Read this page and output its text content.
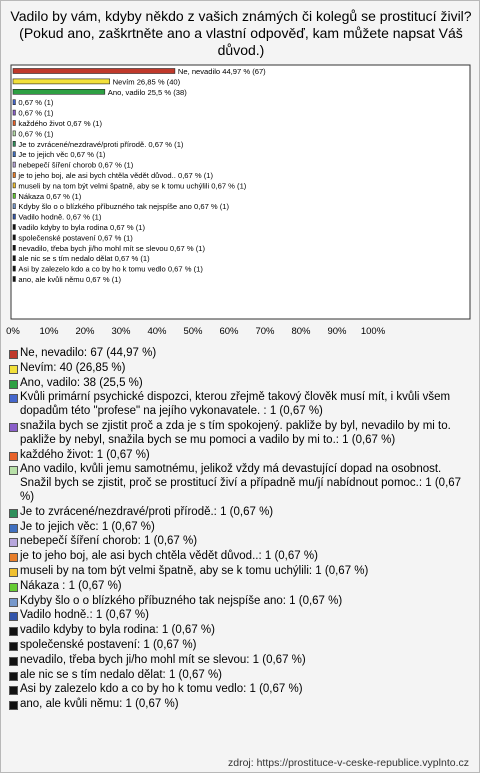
Vadilo by vám, kdyby někdo z vašich známých či kolegů se prostitucí živil? (Pokud ano, zaškrtněte ano a vlastní odpověď, kam můžete napsat Váš důvod.)
Ne, nevadilo 44,97 % (67)
Nevím 26,85 % (40)
Ano, vadilo 25,5 % (38)
0,67 % (1)
0,67 % (1)
každého život 0,67 % (1)
0,67 % (1)
Je to zvrácené/nezdravé/proti přírodě. 0,67 % (1)
Je to jejich věc 0,67 % (1)
nebepečí šíření chorob 0,67 % (1)
je to jeho boj, ale asi bych chtěla vědět důvod.. 0,67 % (1)
museli by na tom být velmi špatně, aby se k tomu uchýlili 0,67 % (1)
Nákaza 0,67 % (1)
Kdyby šlo o o blízkého příbuzného tak nejspíše ano 0,67 % (1)
Vadilo hodně. 0,67 % (1)
vadilo kdyby to byla rodina 0,67 % (1)
společenské postavení 0,67 % (1)
nevadilo, třeba bych ji/ho mohl mít se slevou 0,67 % (1)
ale nic se s tím nedalo dělat 0,67 % (1)
Asi by zalezelo kdo a co by ho k tomu vedlo 0,67 % (1)
ano, ale kvůli němu 0,67 % (1)
0% 10% 20% 30% 40% 50% 60% 70% 80% 90% 100%
Ne, nevadilo: 67 (44,97 %)
Nevím: 40 (26,85 %)
Ano, vadilo: 38 (25,5 %)
Kvůli primární psychické dispozci, kterou zřejmě takový člověk musí mít, i kvůli všem dopadům této "profese" na jejího vykonavatele. : 1 (0,67 %)
snažila bych se zjistit proč a zda je s tím spokojený. pakliže by byl, nevadilo by mi to. pakliže by nebyl, snažila bych se mu pomoci a vadilo by mi to.: 1 (0,67 %)
každého život: 1 (0,67 %)
Ano vadilo, kvůli jemu samotnému, jelikož vždy má devastující dopad na osobnost. Snažil bych se zjistit, proč se prostitucí živí a případně mu/jí nabídnout pomoc.: 1 (0,67 %)
Je to zvrácené/nezdravé/proti přírodě.: 1 (0,67 %)
Je to jejich věc: 1 (0,67 %)
nebepečí šíření chorob: 1 (0,67 %)
je to jeho boj, ale asi bych chtěla vědět důvod..: 1 (0,67 %)
museli by na tom být velmi špatně, aby se k tomu uchýlili: 1 (0,67 %)
Nákaza : 1 (0,67 %)
Kdyby šlo o o blízkého příbuzného tak nejspíše ano: 1 (0,67 %)
Vadilo hodně.: 1 (0,67 %)
vadilo kdyby to byla rodina: 1 (0,67 %)
společenské postavení: 1 (0,67 %)
nevadilo, třeba bych ji/ho mohl mít se slevou: 1 (0,67 %)
ale nic se s tím nedalo dělat: 1 (0,67 %)
Asi by zalezelo kdo a co by ho k tomu vedlo: 1 (0,67 %)
ano, ale kvůli němu: 1 (0,67 %)
zdroj: https://prostituce-v-ceske-republice.vyplnto.cz
